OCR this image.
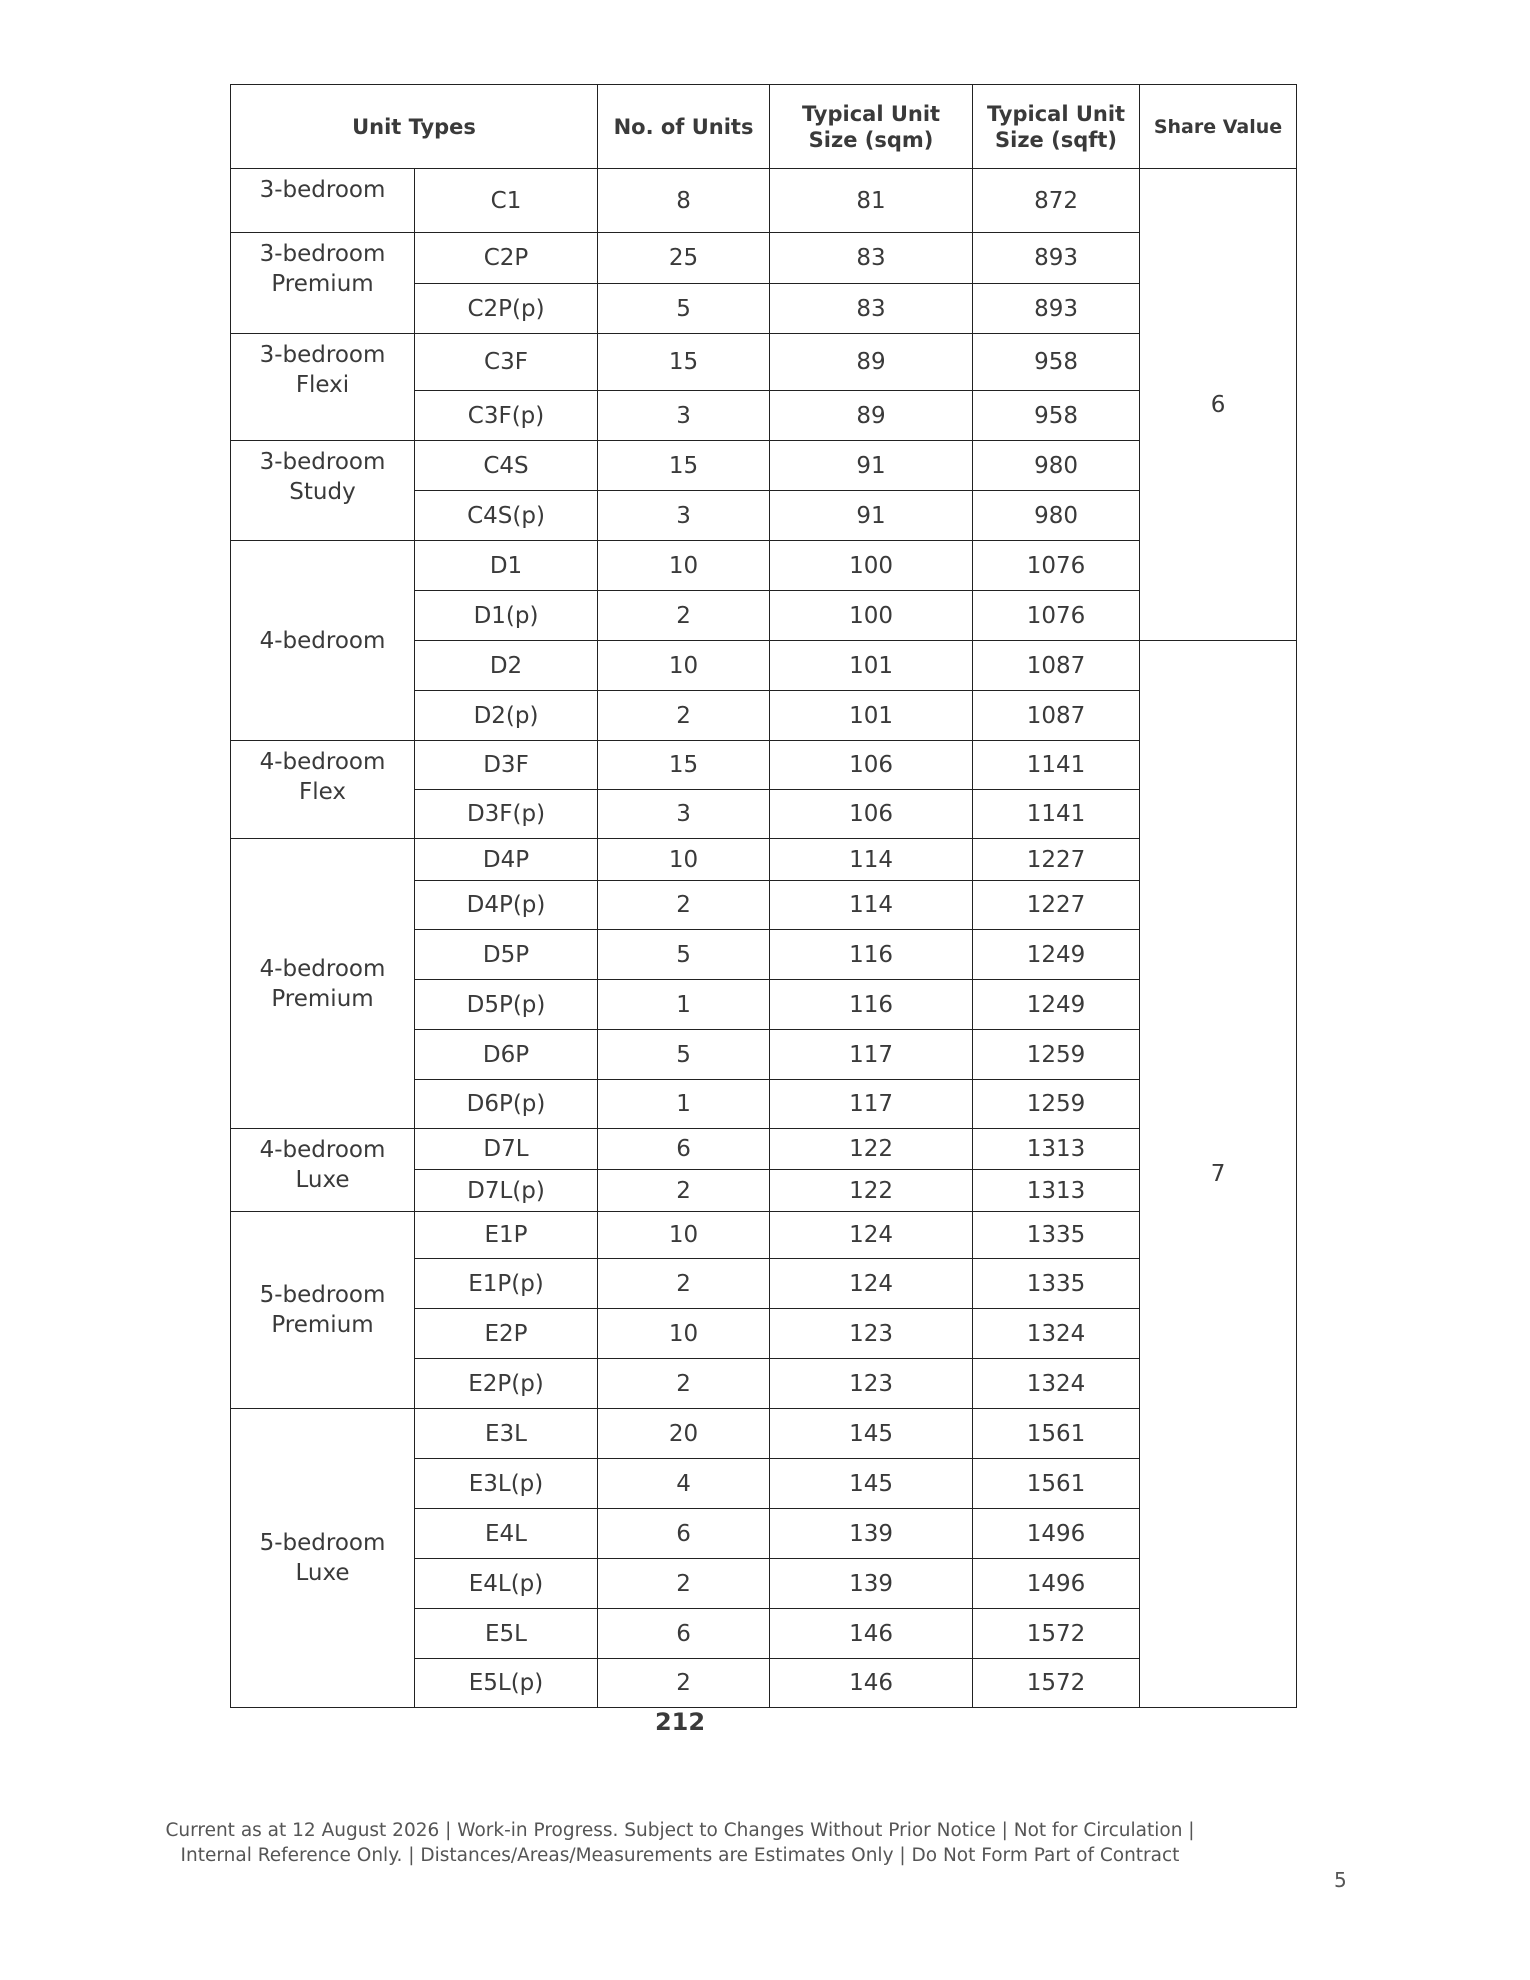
Unit Types		No. of Units	Typical Unit Size (sqm)	Typical Unit Size (sqft)	Share Value
3-bedroom	C1	8	81	872	6
3-bedroom Premium	C2P	25	83	893	
	C2P(p)	5	83	893	
3-bedroom Flexi	C3F	15	89	958	
	C3F(p)	3	89	958	
3-bedroom Study	C4S	15	91	980	
	C4S(p)	3	91	980	
4-bedroom	D1	10	100	1076	
	D1(p)	2	100	1076	
	D2	10	101	1087	7
	D2(p)	2	101	1087	
4-bedroom Flex	D3F	15	106	1141	
	D3F(p)	3	106	1141	
4-bedroom Premium	D4P	10	114	1227	
	D4P(p)	2	114	1227	
	D5P	5	116	1249	
	D5P(p)	1	116	1249	
	D6P	5	117	1259	
	D6P(p)	1	117	1259	
4-bedroom Luxe	D7L	6	122	1313	
	D7L(p)	2	122	1313	
5-bedroom Premium	E1P	10	124	1335	
	E1P(p)	2	124	1335	
	E2P	10	123	1324	
	E2P(p)	2	123	1324	
5-bedroom Luxe	E3L	20	145	1561	
	E3L(p)	4	145	1561	
	E4L	6	139	1496	
	E4L(p)	2	139	1496	
	E5L	6	146	1572	
	E5L(p)	2	146	1572	
212
Current as at 12 August 2026 | Work-in Progress. Subject to Changes Without Prior Notice | Not for Circulation |
Internal Reference Only. | Distances/Areas/Measurements are Estimates Only | Do Not Form Part of Contract
5
